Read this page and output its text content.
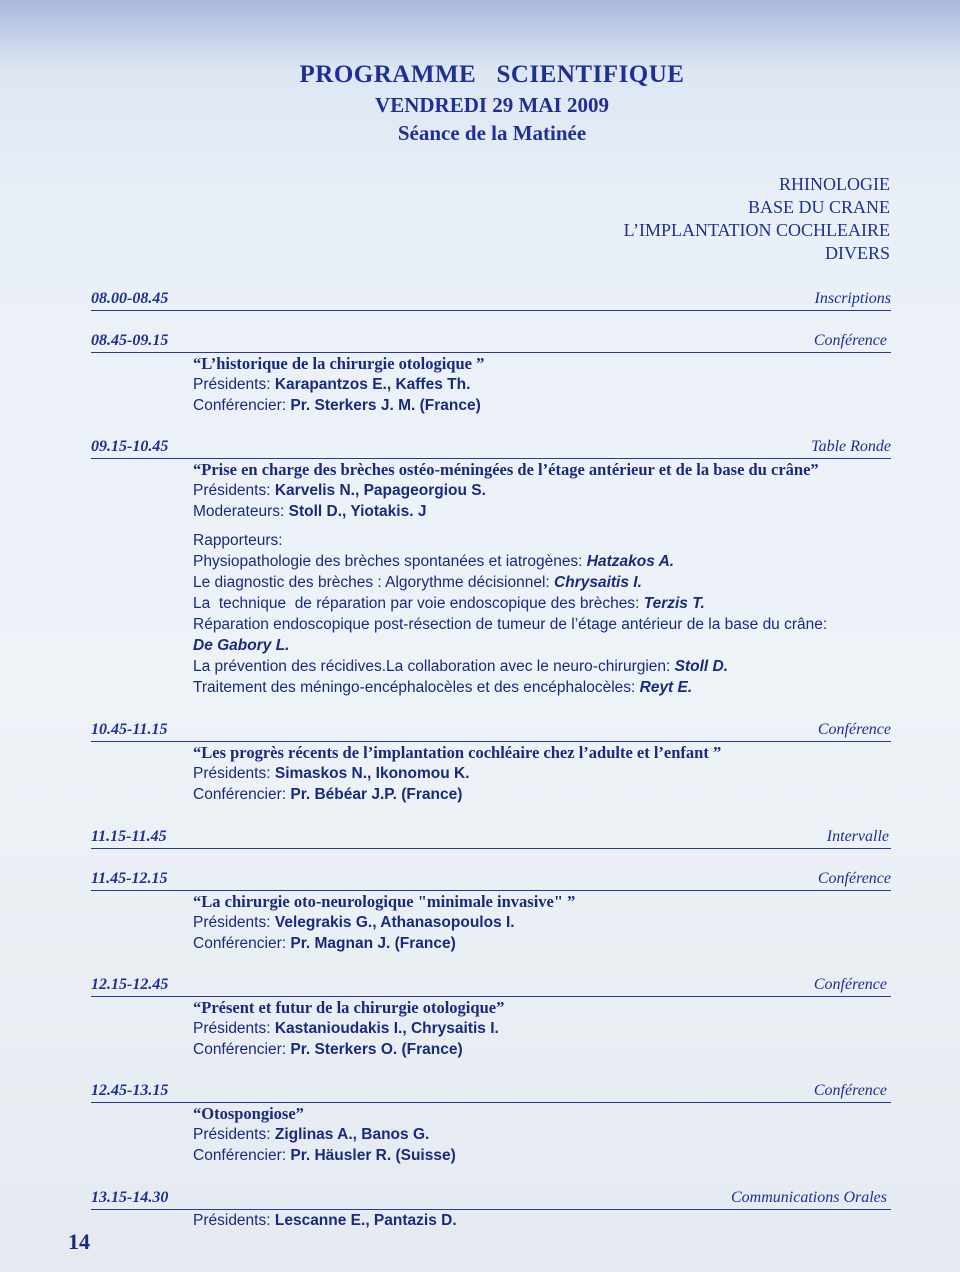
PROGRAMME   SCIENTIFIQUE
VENDREDI 29 MAI 2009
Séance de la Matinée
RHINOLOGIE
BASE DU CRANE
L’IMPLANTATION COCHLEAIRE
DIVERS
08.00-08.45	Inscriptions
08.45-09.15	Conférence
“L’historique de la chirurgie otologique ”
Présidents: Karapantzos E., Kaffes Th.
Conférencier: Pr. Sterkers J. M. (France)
09.15-10.45	Table Ronde
“Prise en charge des brèches ostéo-méningées de l’étage antérieur et de la base du crâne”
Présidents: Karvelis N., Papageorgiou S.
Moderateurs: Stoll D., Yiotakis. J
Rapporteurs:
Physiopathologie des brèches spontanées et iatrogènes: Hatzakos A.
Le diagnostic des brèches : Algorythme décisionnel: Chrysaitis I.
La  technique  de réparation par voie endoscopique des brèches: Terzis T.
Réparation endoscopique post-résection de tumeur de l’étage antérieur de la base du crâne:
De Gabory L.
La prévention des récidives.La collaboration avec le neuro-chirurgien: Stoll D.
Traitement des méningo-encéphalocèles et des encéphalocèles: Reyt E.
10.45-11.15	Conférence
“Les progrès récents de l’implantation cochléaire chez l’adulte et l’enfant ”
Présidents: Simaskos N., Ikonomou K.
Conférencier: Pr. Bébéar J.P. (France)
11.15-11.45	Intervalle
11.45-12.15	Conférence
“La chirurgie oto-neurologique "minimale invasive" ”
Présidents: Velegrakis G., Athanasopoulos I.
Conférencier: Pr. Magnan J. (France)
12.15-12.45	Conférence
“Présent et futur de la chirurgie otologique”
Présidents: Kastanioudakis I., Chrysaitis I.
Conférencier: Pr. Sterkers O. (France)
12.45-13.15	Conférence
“Otospongiose”
Présidents: Ziglinas A., Banos G.
Conférencier: Pr. Häusler R. (Suisse)
13.15-14.30	Communications Orales
Présidents: Lescanne E., Pantazis D.
14
